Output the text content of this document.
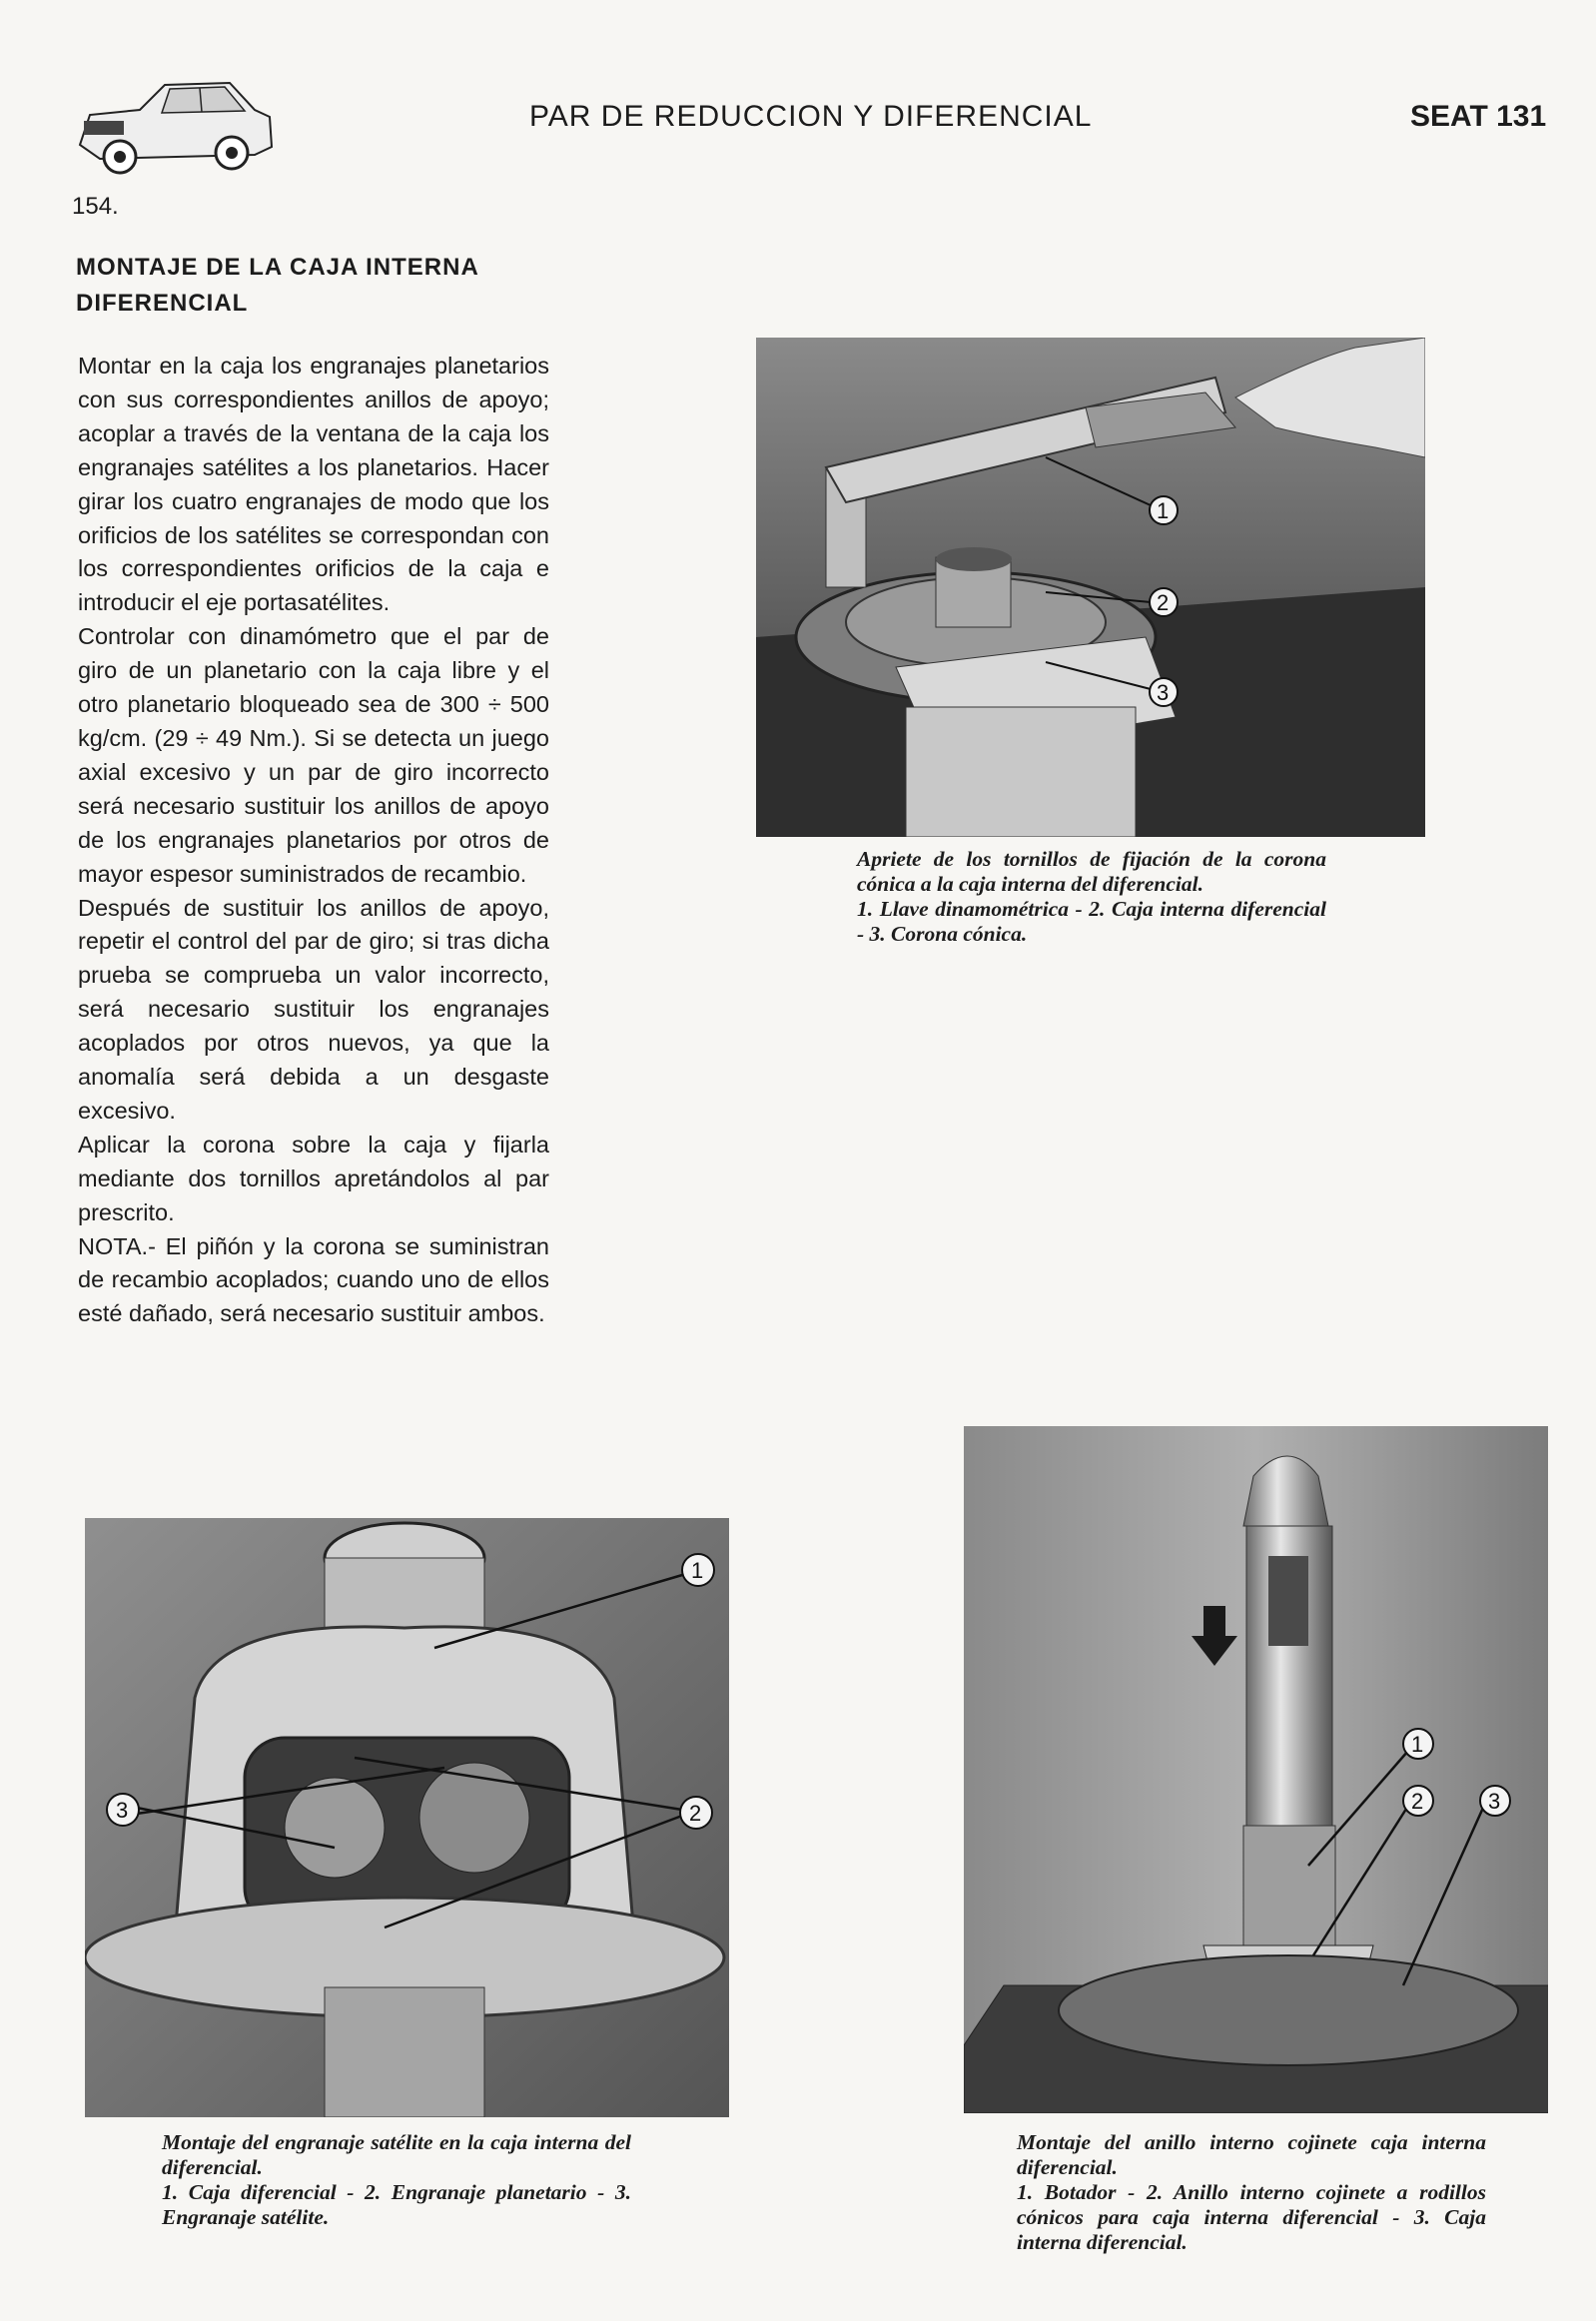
PAR DE REDUCCION Y DIFERENCIAL	SEAT 131
154.
MONTAJE DE LA CAJA INTERNA
DIFERENCIAL

Montar en la caja los engranajes planetarios con sus correspondientes anillos de apoyo; acoplar a través de la ventana de la caja los engranajes satélites a los planetarios. Hacer girar los cuatro engranajes de modo que los orificios de los satélites se correspondan con los correspondientes orificios de la caja e introducir el eje portasatélites.

Controlar con dinamómetro que el par de giro de un planetario con la caja libre y el otro planetario bloqueado sea de 300 ÷ 500 kg/cm. (29 ÷ 49 Nm.). Si se detecta un juego axial excesivo y un par de giro incorrecto será necesario sustituir los anillos de apoyo de los engranajes planetarios por otros de mayor espesor suministrados de recambio.

Después de sustituir los anillos de apoyo, repetir el control del par de giro; si tras dicha prueba se comprueba un valor incorrecto, será necesario sustituir los engranajes acoplados por otros nuevos, ya que la anomalía será debida a un desgaste excesivo.

Aplicar la corona sobre la caja y fijarla mediante dos tornillos apretándolos al par prescrito.

NOTA.- El piñón y la corona se suministran de recambio acoplados; cuando uno de ellos esté dañado, será necesario sustituir ambos.

1
2
3

Apriete de los tornillos de fijación de la corona cónica a la caja interna del diferencial.

1. Llave dinamométrica - 2. Caja interna diferencial - 3. Corona cónica.

1
2
3

Montaje del engranaje satélite en la caja interna del diferencial.

1. Caja diferencial - 2. Engranaje planetario - 3. Engranaje satélite.

1
2	3

Montaje del anillo interno cojinete caja interna diferencial.

1. Botador - 2. Anillo interno cojinete a rodillos cónicos para caja interna diferencial - 3. Caja interna diferencial.
